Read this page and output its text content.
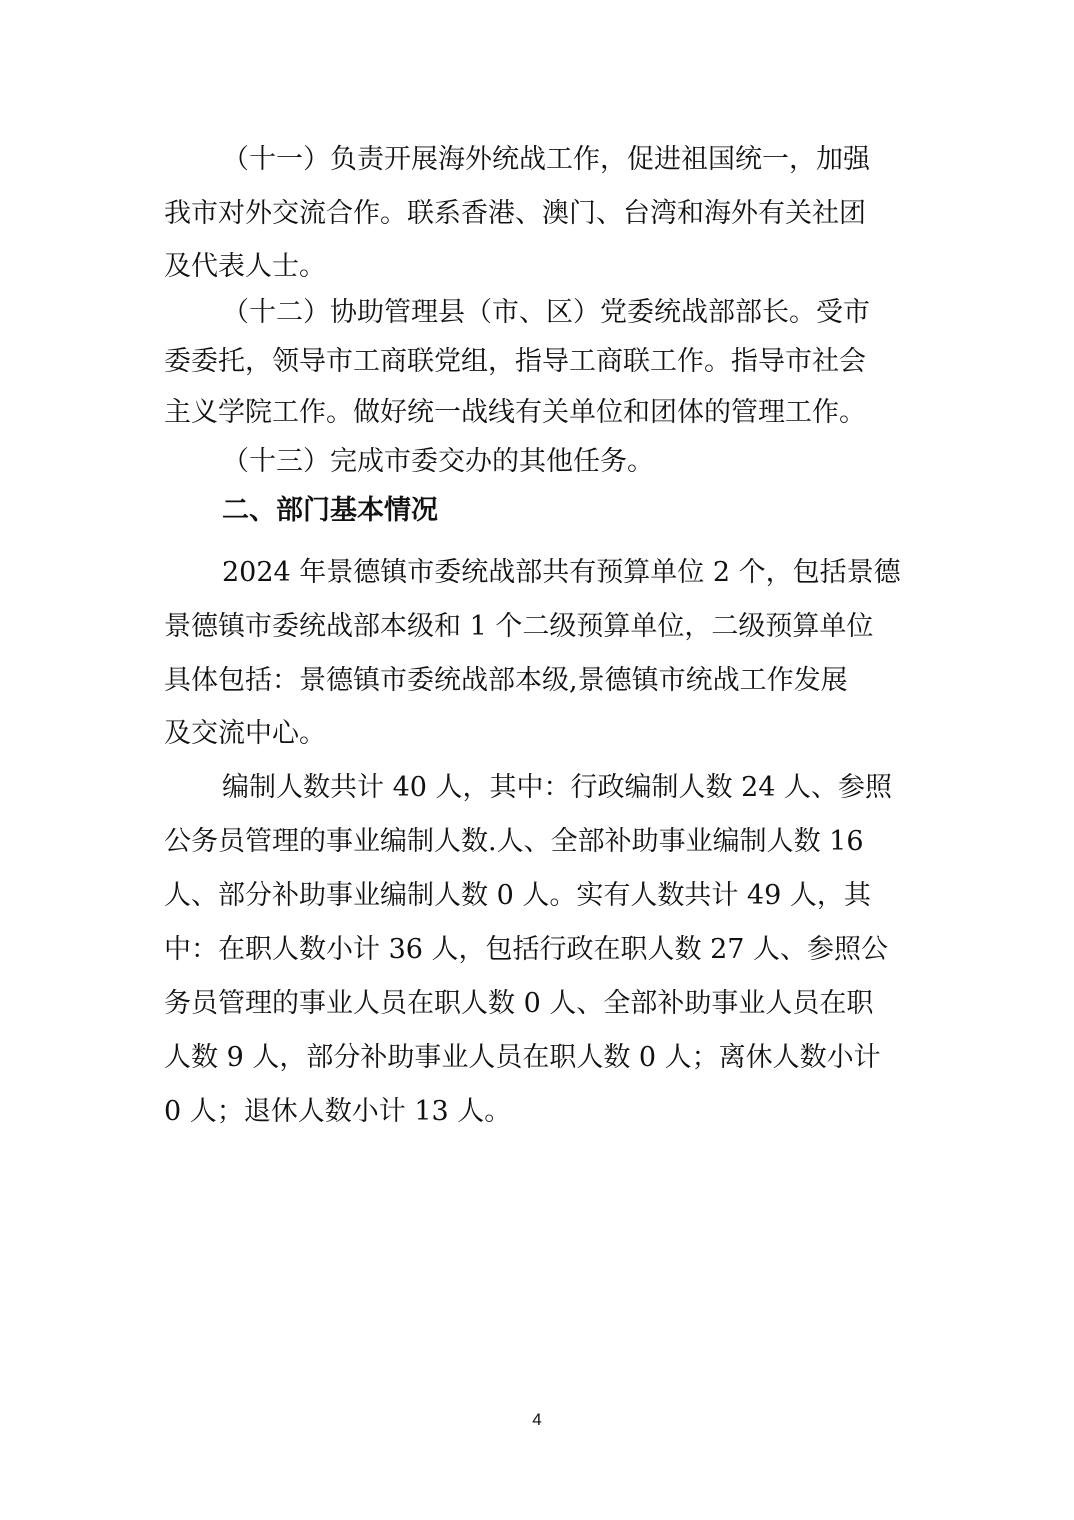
（十一）负责开展海外统战工作，促进祖国统一，加强
我市对外交流合作。联系香港、澳门、台湾和海外有关社团
及代表人士。
（十二）协助管理县（市、区）党委统战部部长。受市
委委托，领导市工商联党组，指导工商联工作。指导市社会
主义学院工作。做好统一战线有关单位和团体的管理工作。
（十三）完成市委交办的其他任务。
二、部门基本情况
2024 年景德镇市委统战部共有预算单位 2 个，包括景德
景德镇市委统战部本级和 1 个二级预算单位，二级预算单位
具体包括：景德镇市委统战部本级,景德镇市统战工作发展
及交流中心。
编制人数共计 40 人，其中：行政编制人数 24 人、参照
公务员管理的事业编制人数.人、全部补助事业编制人数 16
人、部分补助事业编制人数 0 人。实有人数共计 49 人，其
中：在职人数小计 36 人，包括行政在职人数 27 人、参照公
务员管理的事业人员在职人数 0 人、全部补助事业人员在职
人数 9 人，部分补助事业人员在职人数 0 人；离休人数小计
0 人；退休人数小计 13 人。
4
